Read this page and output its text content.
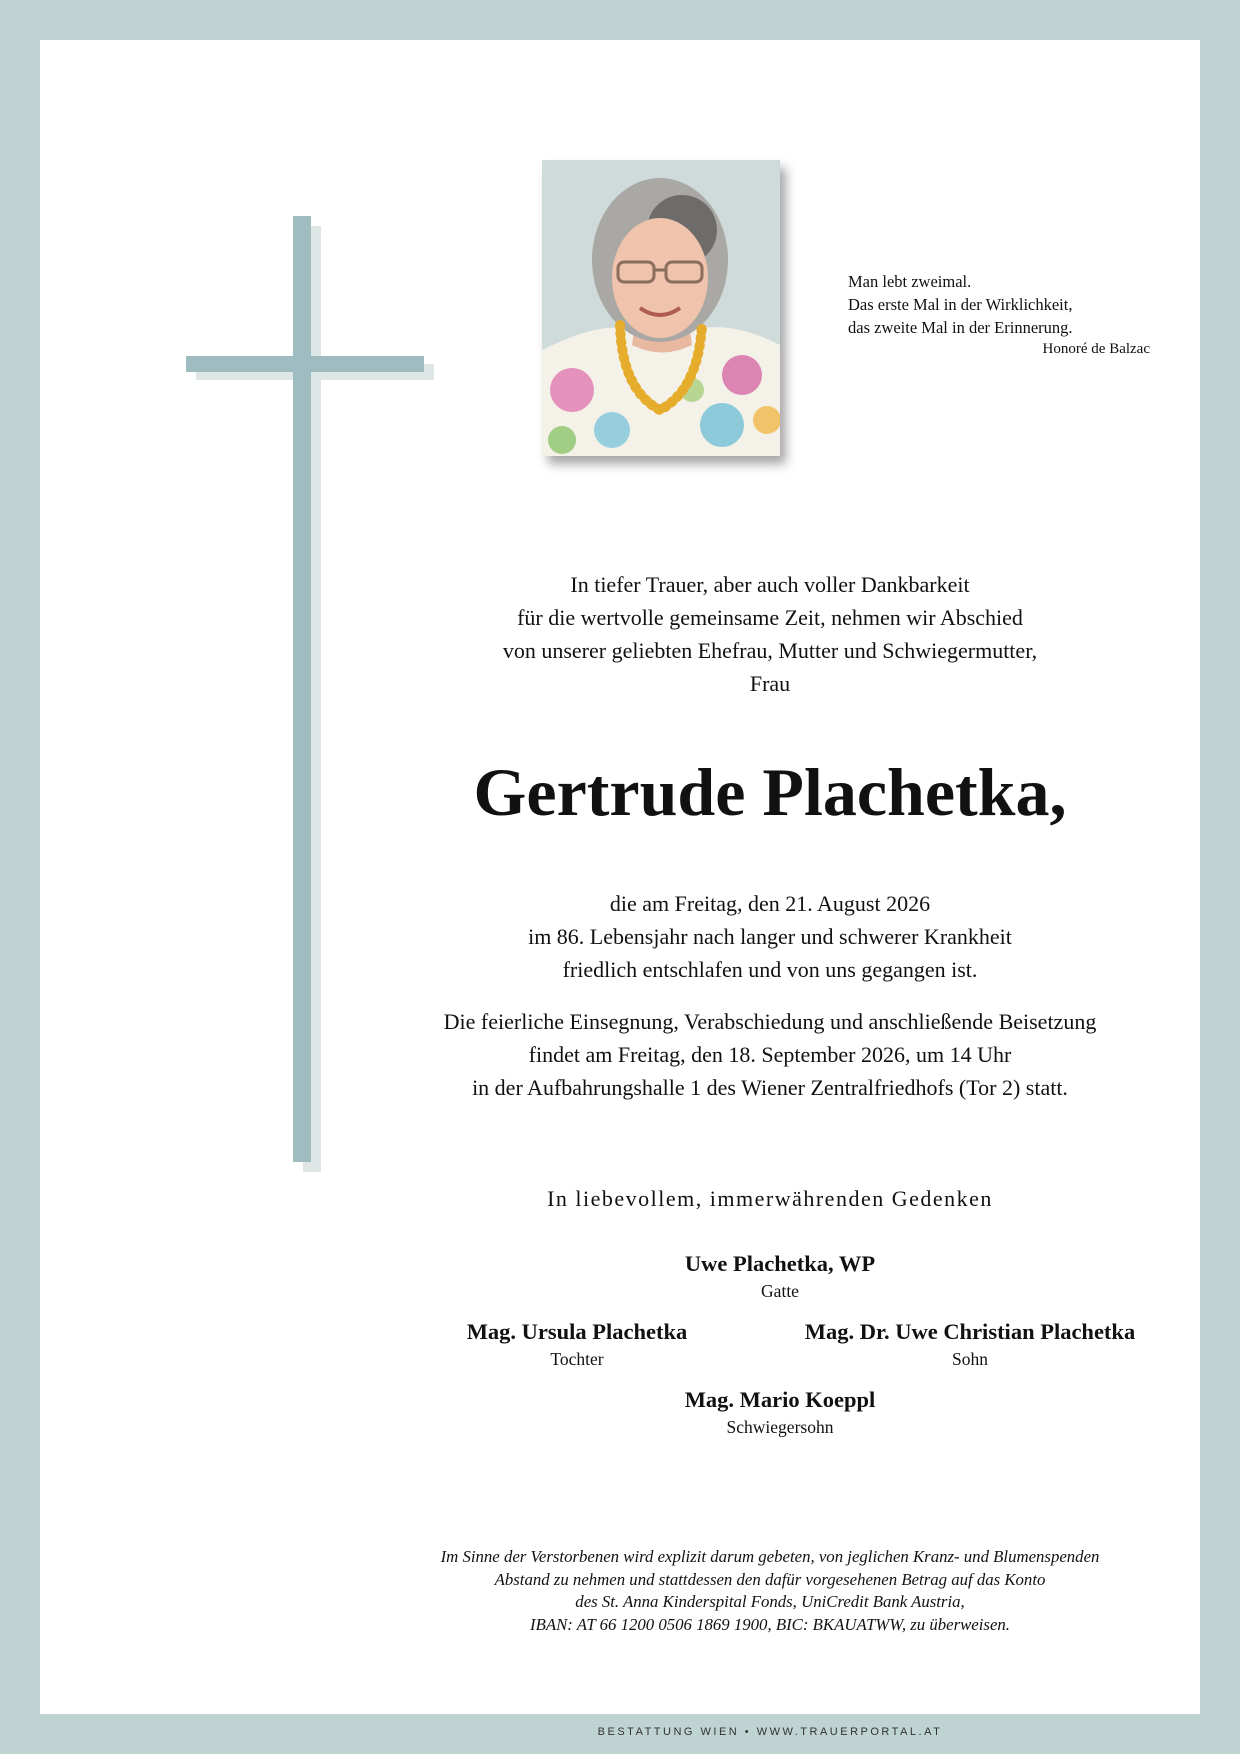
Man lebt zweimal.
Das erste Mal in der Wirklichkeit,
das zweite Mal in der Erinnerung.
Honoré de Balzac
In tiefer Trauer, aber auch voller Dankbarkeit
für die wertvolle gemeinsame Zeit, nehmen wir Abschied
von unserer geliebten Ehefrau, Mutter und Schwiegermutter,
Frau
Gertrude Plachetka,
die am Freitag, den 21. August 2026
im 86. Lebensjahr nach langer und schwerer Krankheit
friedlich entschlafen und von uns gegangen ist.
Die feierliche Einsegnung, Verabschiedung und anschließende Beisetzung
findet am Freitag, den 18. September 2026, um 14 Uhr
in der Aufbahrungshalle 1 des Wiener Zentralfriedhofs (Tor 2) statt.
In liebevollem, immerwährenden Gedenken
Uwe Plachetka, WP
Gatte
Mag. Ursula Plachetka
Tochter
Mag. Dr. Uwe Christian Plachetka
Sohn
Mag. Mario Koeppl
Schwiegersohn
Im Sinne der Verstorbenen wird explizit darum gebeten, von jeglichen Kranz- und Blumenspenden
Abstand zu nehmen und stattdessen den dafür vorgesehenen Betrag auf das Konto
des St. Anna Kinderspital Fonds, UniCredit Bank Austria,
IBAN: AT 66 1200 0506 1869 1900, BIC: BKAUATWW, zu überweisen.
BESTATTUNG WIEN • WWW.TRAUERPORTAL.AT
